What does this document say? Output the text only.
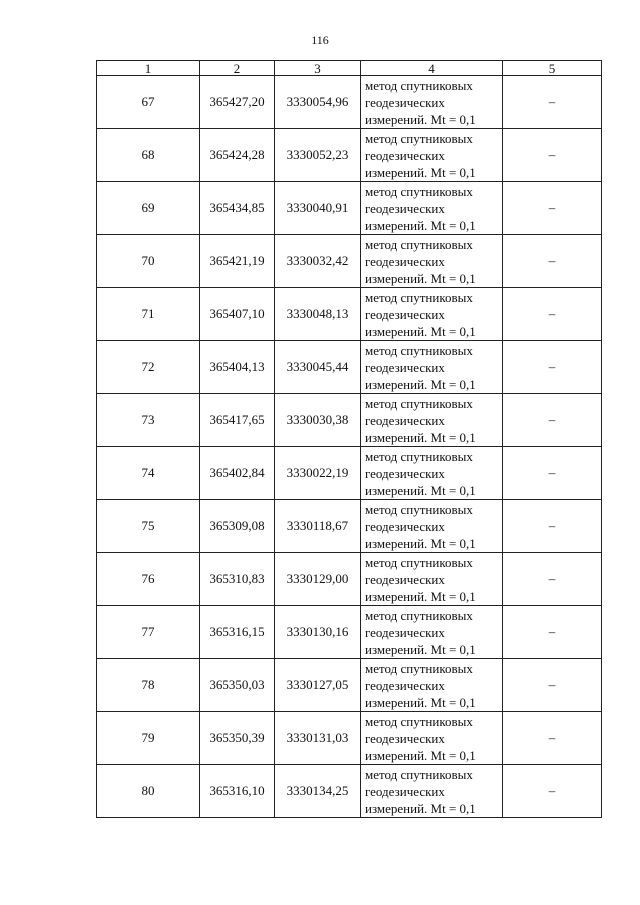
116
1	2	3	4	5
67	365427,20	3330054,96	метод спутниковых
геодезических
измерений. Mt = 0,1	–
68	365424,28	3330052,23	метод спутниковых
геодезических
измерений. Mt = 0,1	–
69	365434,85	3330040,91	метод спутниковых
геодезических
измерений. Mt = 0,1	–
70	365421,19	3330032,42	метод спутниковых
геодезических
измерений. Mt = 0,1	–
71	365407,10	3330048,13	метод спутниковых
геодезических
измерений. Mt = 0,1	–
72	365404,13	3330045,44	метод спутниковых
геодезических
измерений. Mt = 0,1	–
73	365417,65	3330030,38	метод спутниковых
геодезических
измерений. Mt = 0,1	–
74	365402,84	3330022,19	метод спутниковых
геодезических
измерений. Mt = 0,1	–
75	365309,08	3330118,67	метод спутниковых
геодезических
измерений. Mt = 0,1	–
76	365310,83	3330129,00	метод спутниковых
геодезических
измерений. Mt = 0,1	–
77	365316,15	3330130,16	метод спутниковых
геодезических
измерений. Mt = 0,1	–
78	365350,03	3330127,05	метод спутниковых
геодезических
измерений. Mt = 0,1	–
79	365350,39	3330131,03	метод спутниковых
геодезических
измерений. Mt = 0,1	–
80	365316,10	3330134,25	метод спутниковых
геодезических
измерений. Mt = 0,1	–
